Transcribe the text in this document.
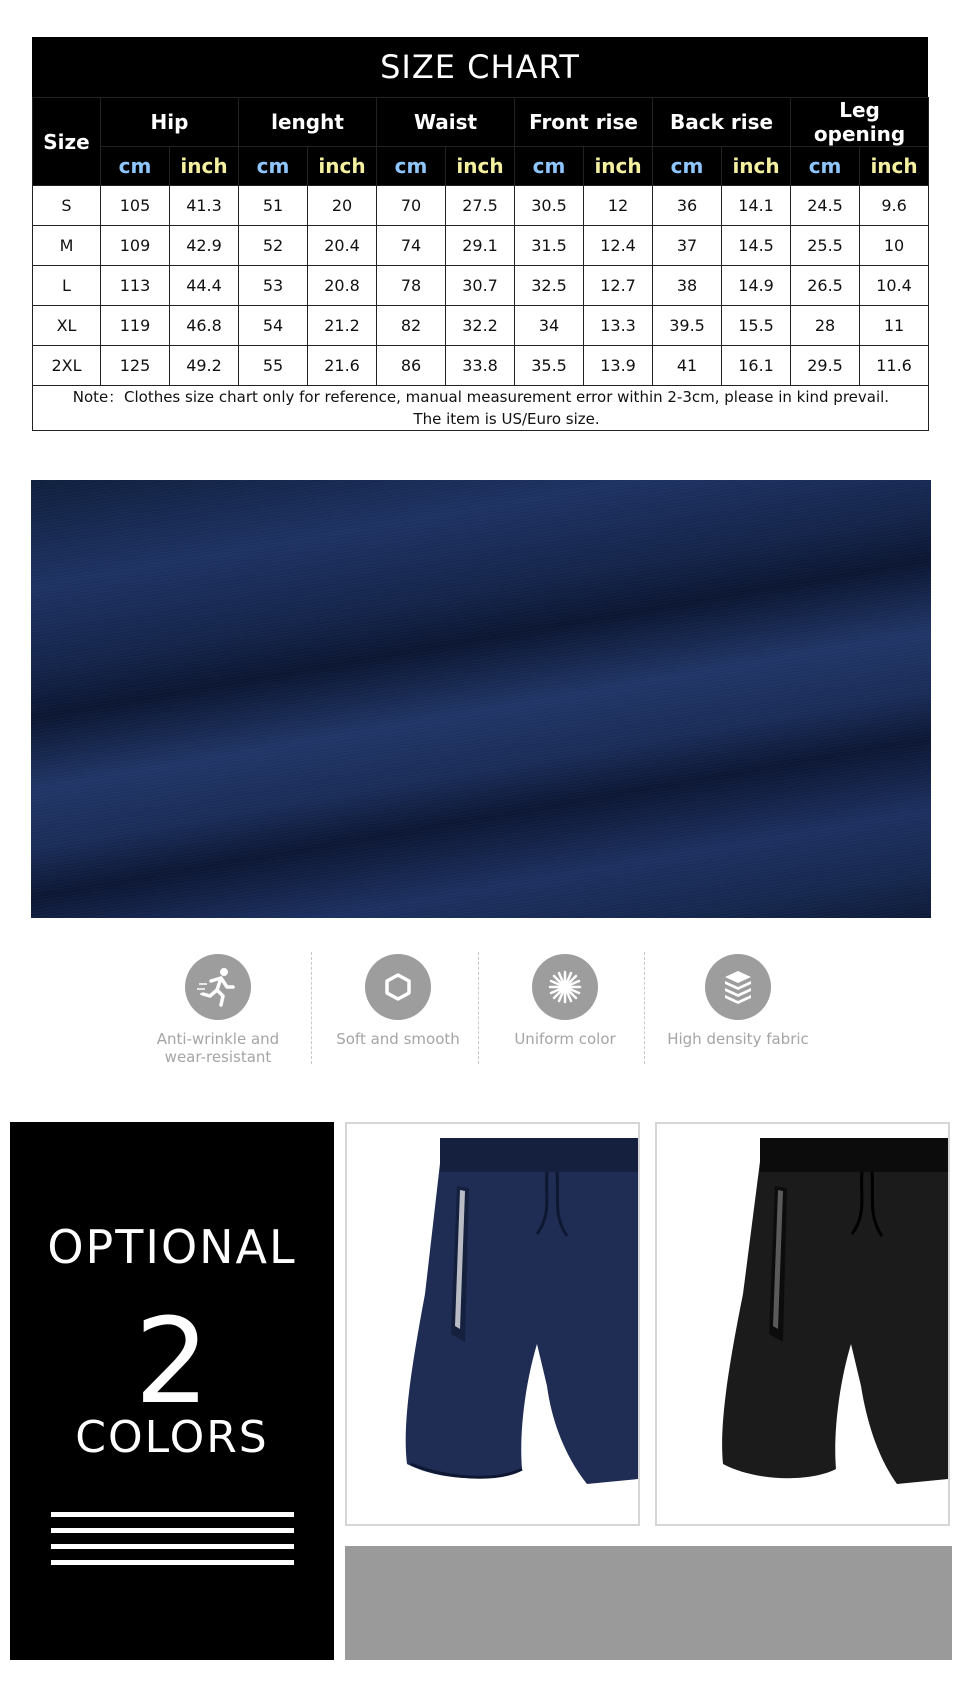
SIZE CHART
Size	Hip		lenght		Waist		Front rise		Back rise		Leg opening	
	cm	inch	cm	inch	cm	inch	cm	inch	cm	inch	cm	inch
S	105	41.3	51	20	70	27.5	30.5	12	36	14.1	24.5	9.6
M	109	42.9	52	20.4	74	29.1	31.5	12.4	37	14.5	25.5	10
L	113	44.4	53	20.8	78	30.7	32.5	12.7	38	14.9	26.5	10.4
XL	119	46.8	54	21.2	82	32.2	34	13.3	39.5	15.5	28	11
2XL	125	49.2	55	21.6	86	33.8	35.5	13.9	41	16.1	29.5	11.6

Note：Clothes size chart only for reference, manual measurement error within 2-3cm, please in kind prevail.
The item is US/Euro size.												
Anti-wrinkle and
wear-resistant
Soft and smooth	Uniform color	High density fabric
OPTIONAL
2
COLORS
